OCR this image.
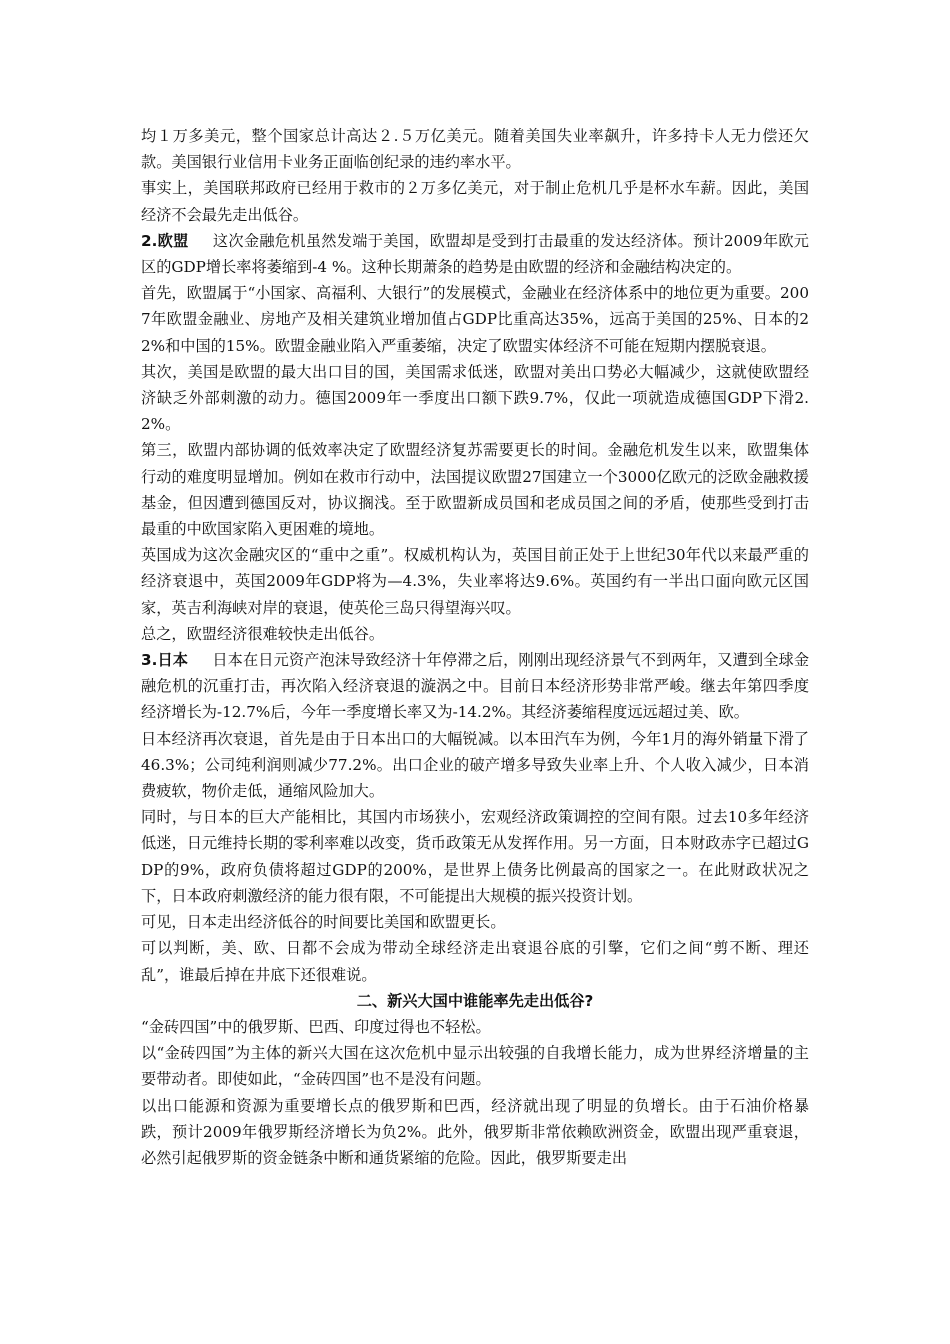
均１万多美元，整个国家总计高达２.５万亿美元。随着美国失业率飙升，许多持卡人无力偿还欠款。美国银行业信用卡业务正面临创纪录的违约率水平。

事实上，美国联邦政府已经用于救市的２万多亿美元，对于制止危机几乎是杯水车薪。因此，美国经济不会最先走出低谷。

2.欧盟 这次金融危机虽然发端于美国，欧盟却是受到打击最重的发达经济体。预计2009年欧元区的GDP增长率将萎缩到-4 %。这种长期萧条的趋势是由欧盟的经济和金融结构决定的。

首先，欧盟属于“小国家、高福利、大银行”的发展模式，金融业在经济体系中的地位更为重要。2007年欧盟金融业、房地产及相关建筑业增加值占GDP比重高达35%，远高于美国的25%、日本的22%和中国的15%。欧盟金融业陷入严重萎缩，决定了欧盟实体经济不可能在短期内摆脱衰退。

其次，美国是欧盟的最大出口目的国，美国需求低迷，欧盟对美出口势必大幅减少，这就使欧盟经济缺乏外部刺激的动力。德国2009年一季度出口额下跌9.7%，仅此一项就造成德国GDP下滑2.2%。

第三，欧盟内部协调的低效率决定了欧盟经济复苏需要更长的时间。金融危机发生以来，欧盟集体行动的难度明显增加。例如在救市行动中，法国提议欧盟27国建立一个3000亿欧元的泛欧金融救援基金，但因遭到德国反对，协议搁浅。至于欧盟新成员国和老成员国之间的矛盾，使那些受到打击最重的中欧国家陷入更困难的境地。

英国成为这次金融灾区的“重中之重”。权威机构认为，英国目前正处于上世纪30年代以来最严重的经济衰退中，英国2009年GDP将为—4.3%，失业率将达9.6%。英国约有一半出口面向欧元区国家，英吉利海峡对岸的衰退，使英伦三岛只得望海兴叹。

总之，欧盟经济很难较快走出低谷。

3.日本 日本在日元资产泡沫导致经济十年停滞之后，刚刚出现经济景气不到两年，又遭到全球金融危机的沉重打击，再次陷入经济衰退的漩涡之中。目前日本经济形势非常严峻。继去年第四季度经济增长为-12.7%后，今年一季度增长率又为-14.2%。其经济萎缩程度远远超过美、欧。

日本经济再次衰退，首先是由于日本出口的大幅锐减。以本田汽车为例，今年1月的海外销量下滑了46.3%；公司纯利润则减少77.2%。出口企业的破产增多导致失业率上升、个人收入减少，日本消费疲软，物价走低，通缩风险加大。

同时，与日本的巨大产能相比，其国内市场狭小，宏观经济政策调控的空间有限。过去10多年经济低迷，日元维持长期的零利率难以改变，货币政策无从发挥作用。另一方面，日本财政赤字已超过GDP的9%，政府负债将超过GDP的200%，是世界上债务比例最高的国家之一。在此财政状况之下，日本政府刺激经济的能力很有限，不可能提出大规模的振兴投资计划。

可见，日本走出经济低谷的时间要比美国和欧盟更长。

可以判断，美、欧、日都不会成为带动全球经济走出衰退谷底的引擎，它们之间“剪不断、理还乱”，谁最后掉在井底下还很难说。

二、新兴大国中谁能率先走出低谷?

“金砖四国”中的俄罗斯、巴西、印度过得也不轻松。

以“金砖四国”为主体的新兴大国在这次危机中显示出较强的自我增长能力，成为世界经济增量的主要带动者。即使如此，“金砖四国”也不是没有问题。

以出口能源和资源为重要增长点的俄罗斯和巴西，经济就出现了明显的负增长。由于石油价格暴跌，预计2009年俄罗斯经济增长为负2%。此外，俄罗斯非常依赖欧洲资金，欧盟出现严重衰退，必然引起俄罗斯的资金链条中断和通货紧缩的危险。因此，俄罗斯要走出
